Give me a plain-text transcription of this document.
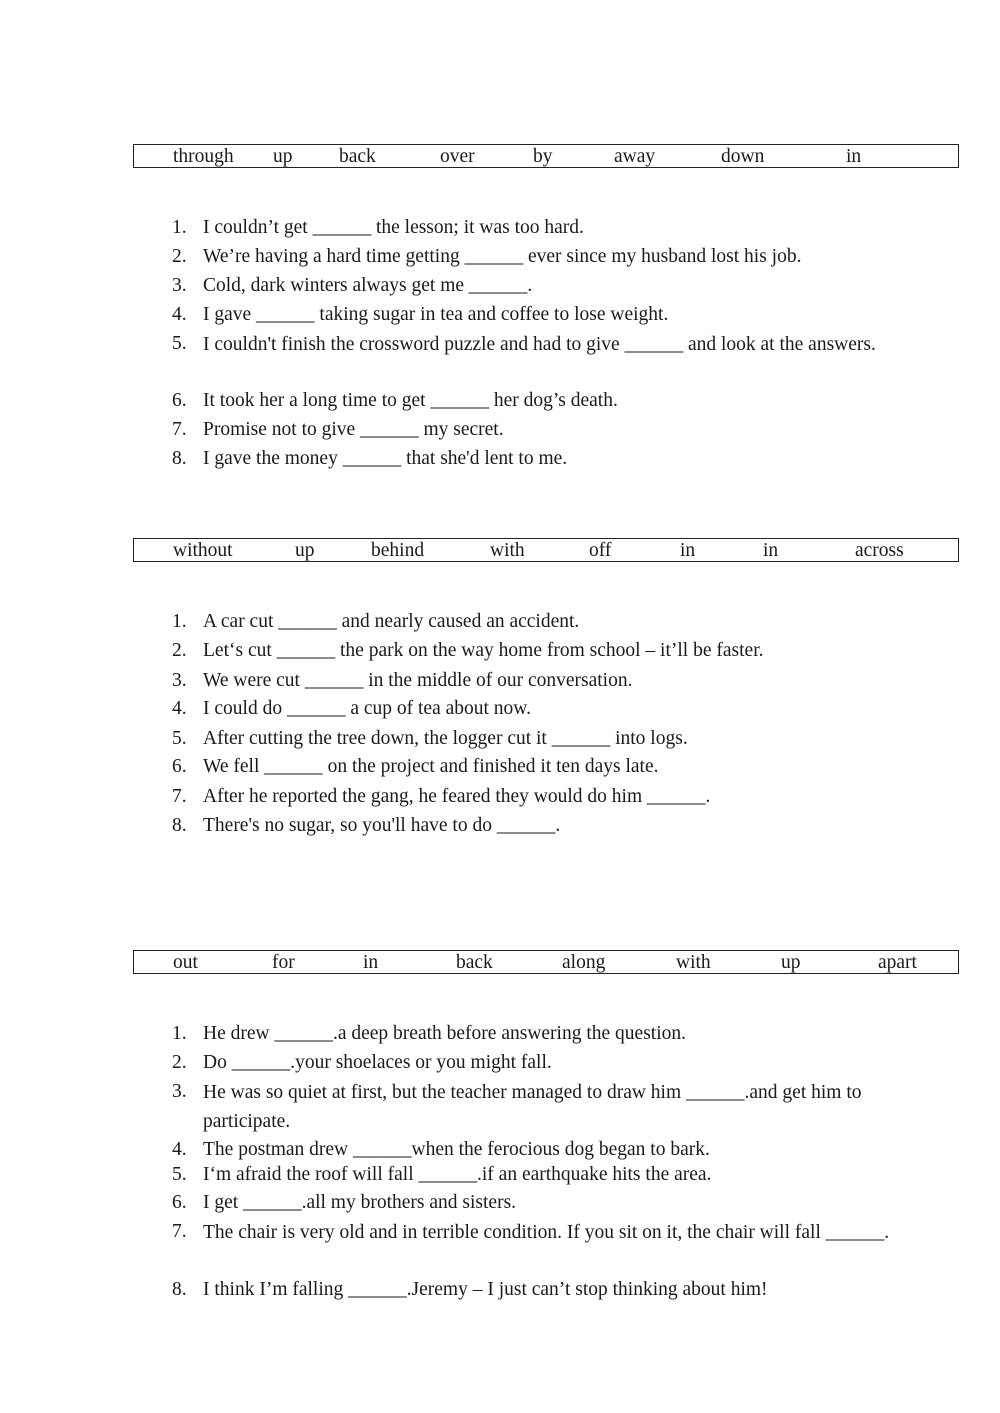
through up back	over	by	away	down	in
1. I couldn’t get ______ the lesson; it was too hard.
2. We’re having a hard time getting ______ ever since my husband lost his job.
3. Cold, dark winters always get me ______.
4. I gave ______ taking sugar in tea and coffee to lose weight.
5. I couldn't finish the crossword puzzle and had to give ______ and look at the answers.
6. It took her a long time to get ______ her dog’s death.
7. Promise not to give ______ my secret.
8. I gave the money ______ that she'd lent to me.
without	up	behind	with	off	in	in	across
1. A car cut ______ and nearly caused an accident.
2. Let‘s cut ______ the park on the way home from school – it’ll be faster.
3. We were cut ______ in the middle of our conversation.
4. I could do ______ a cup of tea about now.
5. After cutting the tree down, the logger cut it ______ into logs.
6. We fell ______ on the project and finished it ten days late.
7. After he reported the gang, he feared they would do him ______.
8. There's no sugar, so you'll have to do ______.
out	for	in	back	along	with	up	apart
1. He drew ______.a deep breath before answering the question.
2. Do ______.your shoelaces or you might fall.
3. He was so quiet at first, but the teacher managed to draw him ______.and get him to participate.
4. The postman drew ______when the ferocious dog began to bark.
5. I‘m afraid the roof will fall ______.if an earthquake hits the area.
6. I get ______.all my brothers and sisters.
7. The chair is very old and in terrible condition. If you sit on it, the chair will fall ______.
8. I think I’m falling ______.Jeremy – I just can’t stop thinking about him!
